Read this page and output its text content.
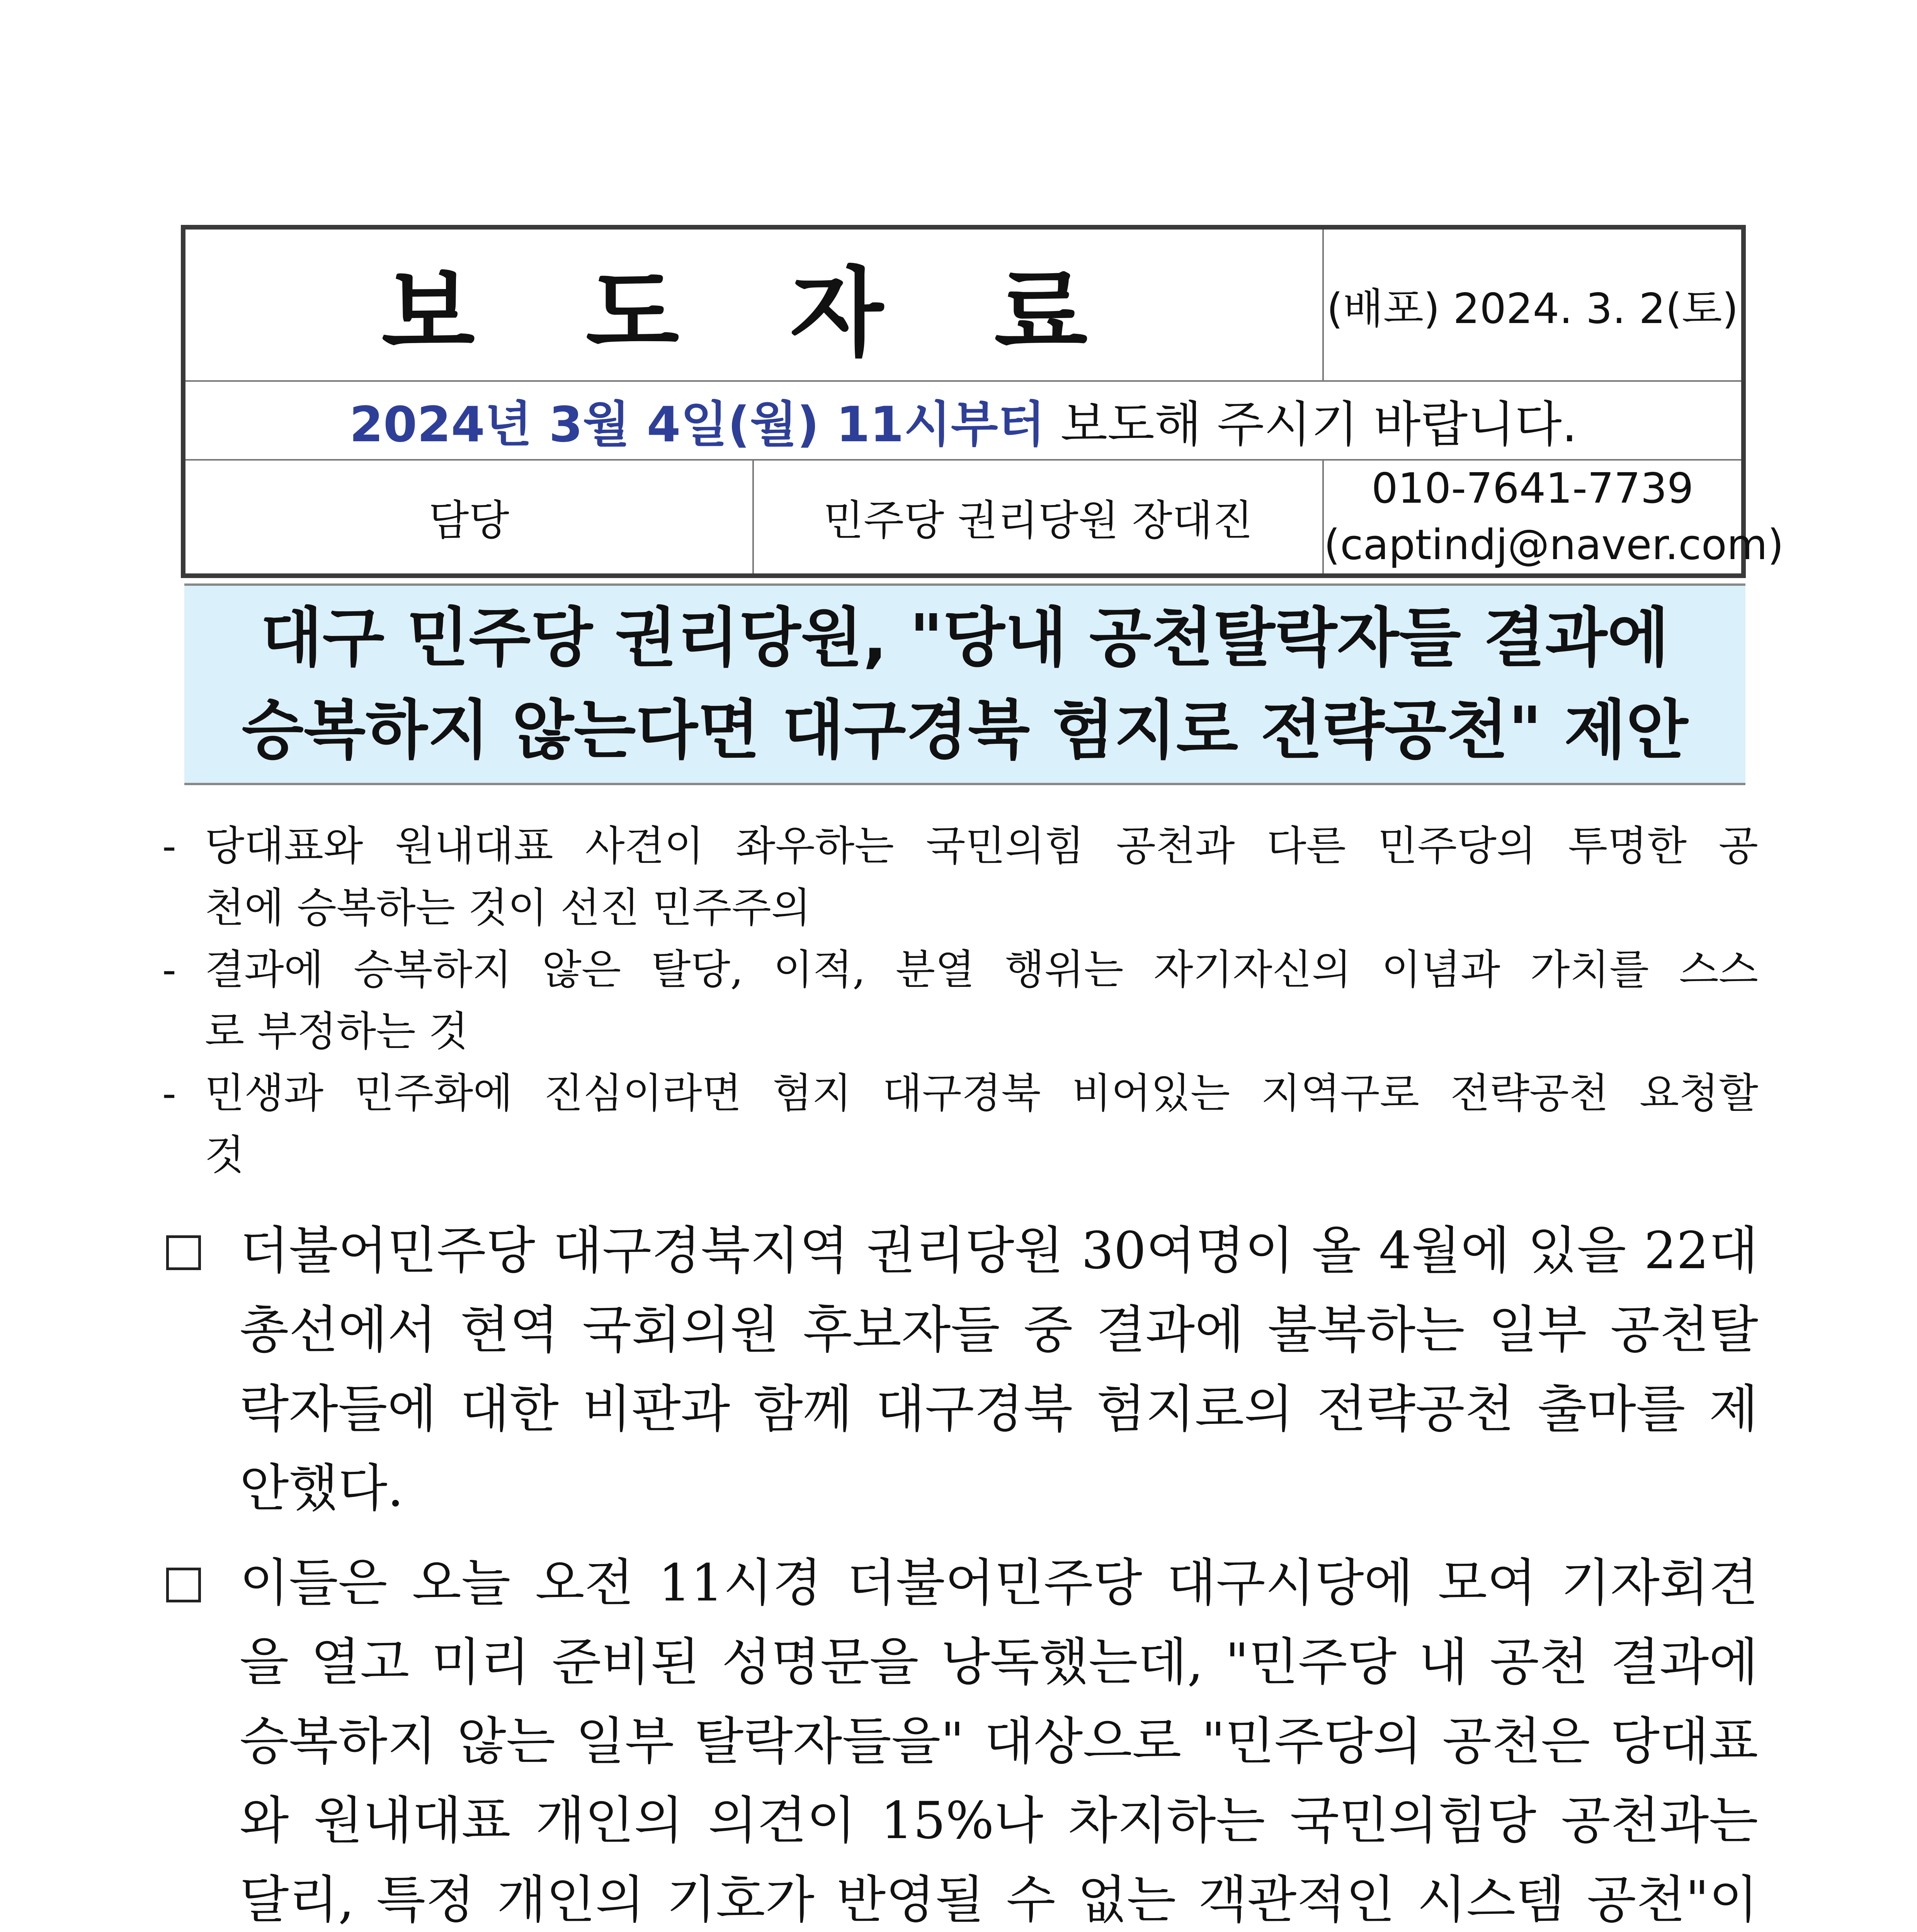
보 도 자 료		(배포) 2024. 3. 2(토)
2024년 3월 4일(월) 11시부터 보도해 주시기 바랍니다.		
담당	민주당 권리당원 장대진	010-7641-7739
(captindj@naver.com)
대구 민주당 권리당원, "당내 공천탈락자들 결과에
승복하지 않는다면 대구경북 험지로 전략공천" 제안
- 당대표와 원내대표 사견이 좌우하는 국민의힘 공천과 다른 민주당의 투명한 공
천에 승복하는 것이 선진 민주주의
- 결과에 승복하지 않은 탈당, 이적, 분열 행위는 자기자신의 이념과 가치를 스스
로 부정하는 것
- 민생과 민주화에 진심이라면 험지 대구경북 비어있는 지역구로 전략공천 요청할
것
더불어민주당 대구경북지역 권리당원 30여명이 올 4월에 있을 22대
총선에서 현역 국회의원 후보자들 중 결과에 불복하는 일부 공천탈
락자들에 대한 비판과 함께 대구경북 험지로의 전략공천 출마를 제
안했다.
이들은 오늘 오전 11시경 더불어민주당 대구시당에 모여 기자회견
을 열고 미리 준비된 성명문을 낭독했는데, "민주당 내 공천 결과에
승복하지 않는 일부 탈락자들을" 대상으로 "민주당의 공천은 당대표
와 원내대표 개인의 의견이 15%나 차지하는 국민의힘당 공천과는
달리, 특정 개인의 기호가 반영될 수 없는 객관적인 시스템 공천"이
